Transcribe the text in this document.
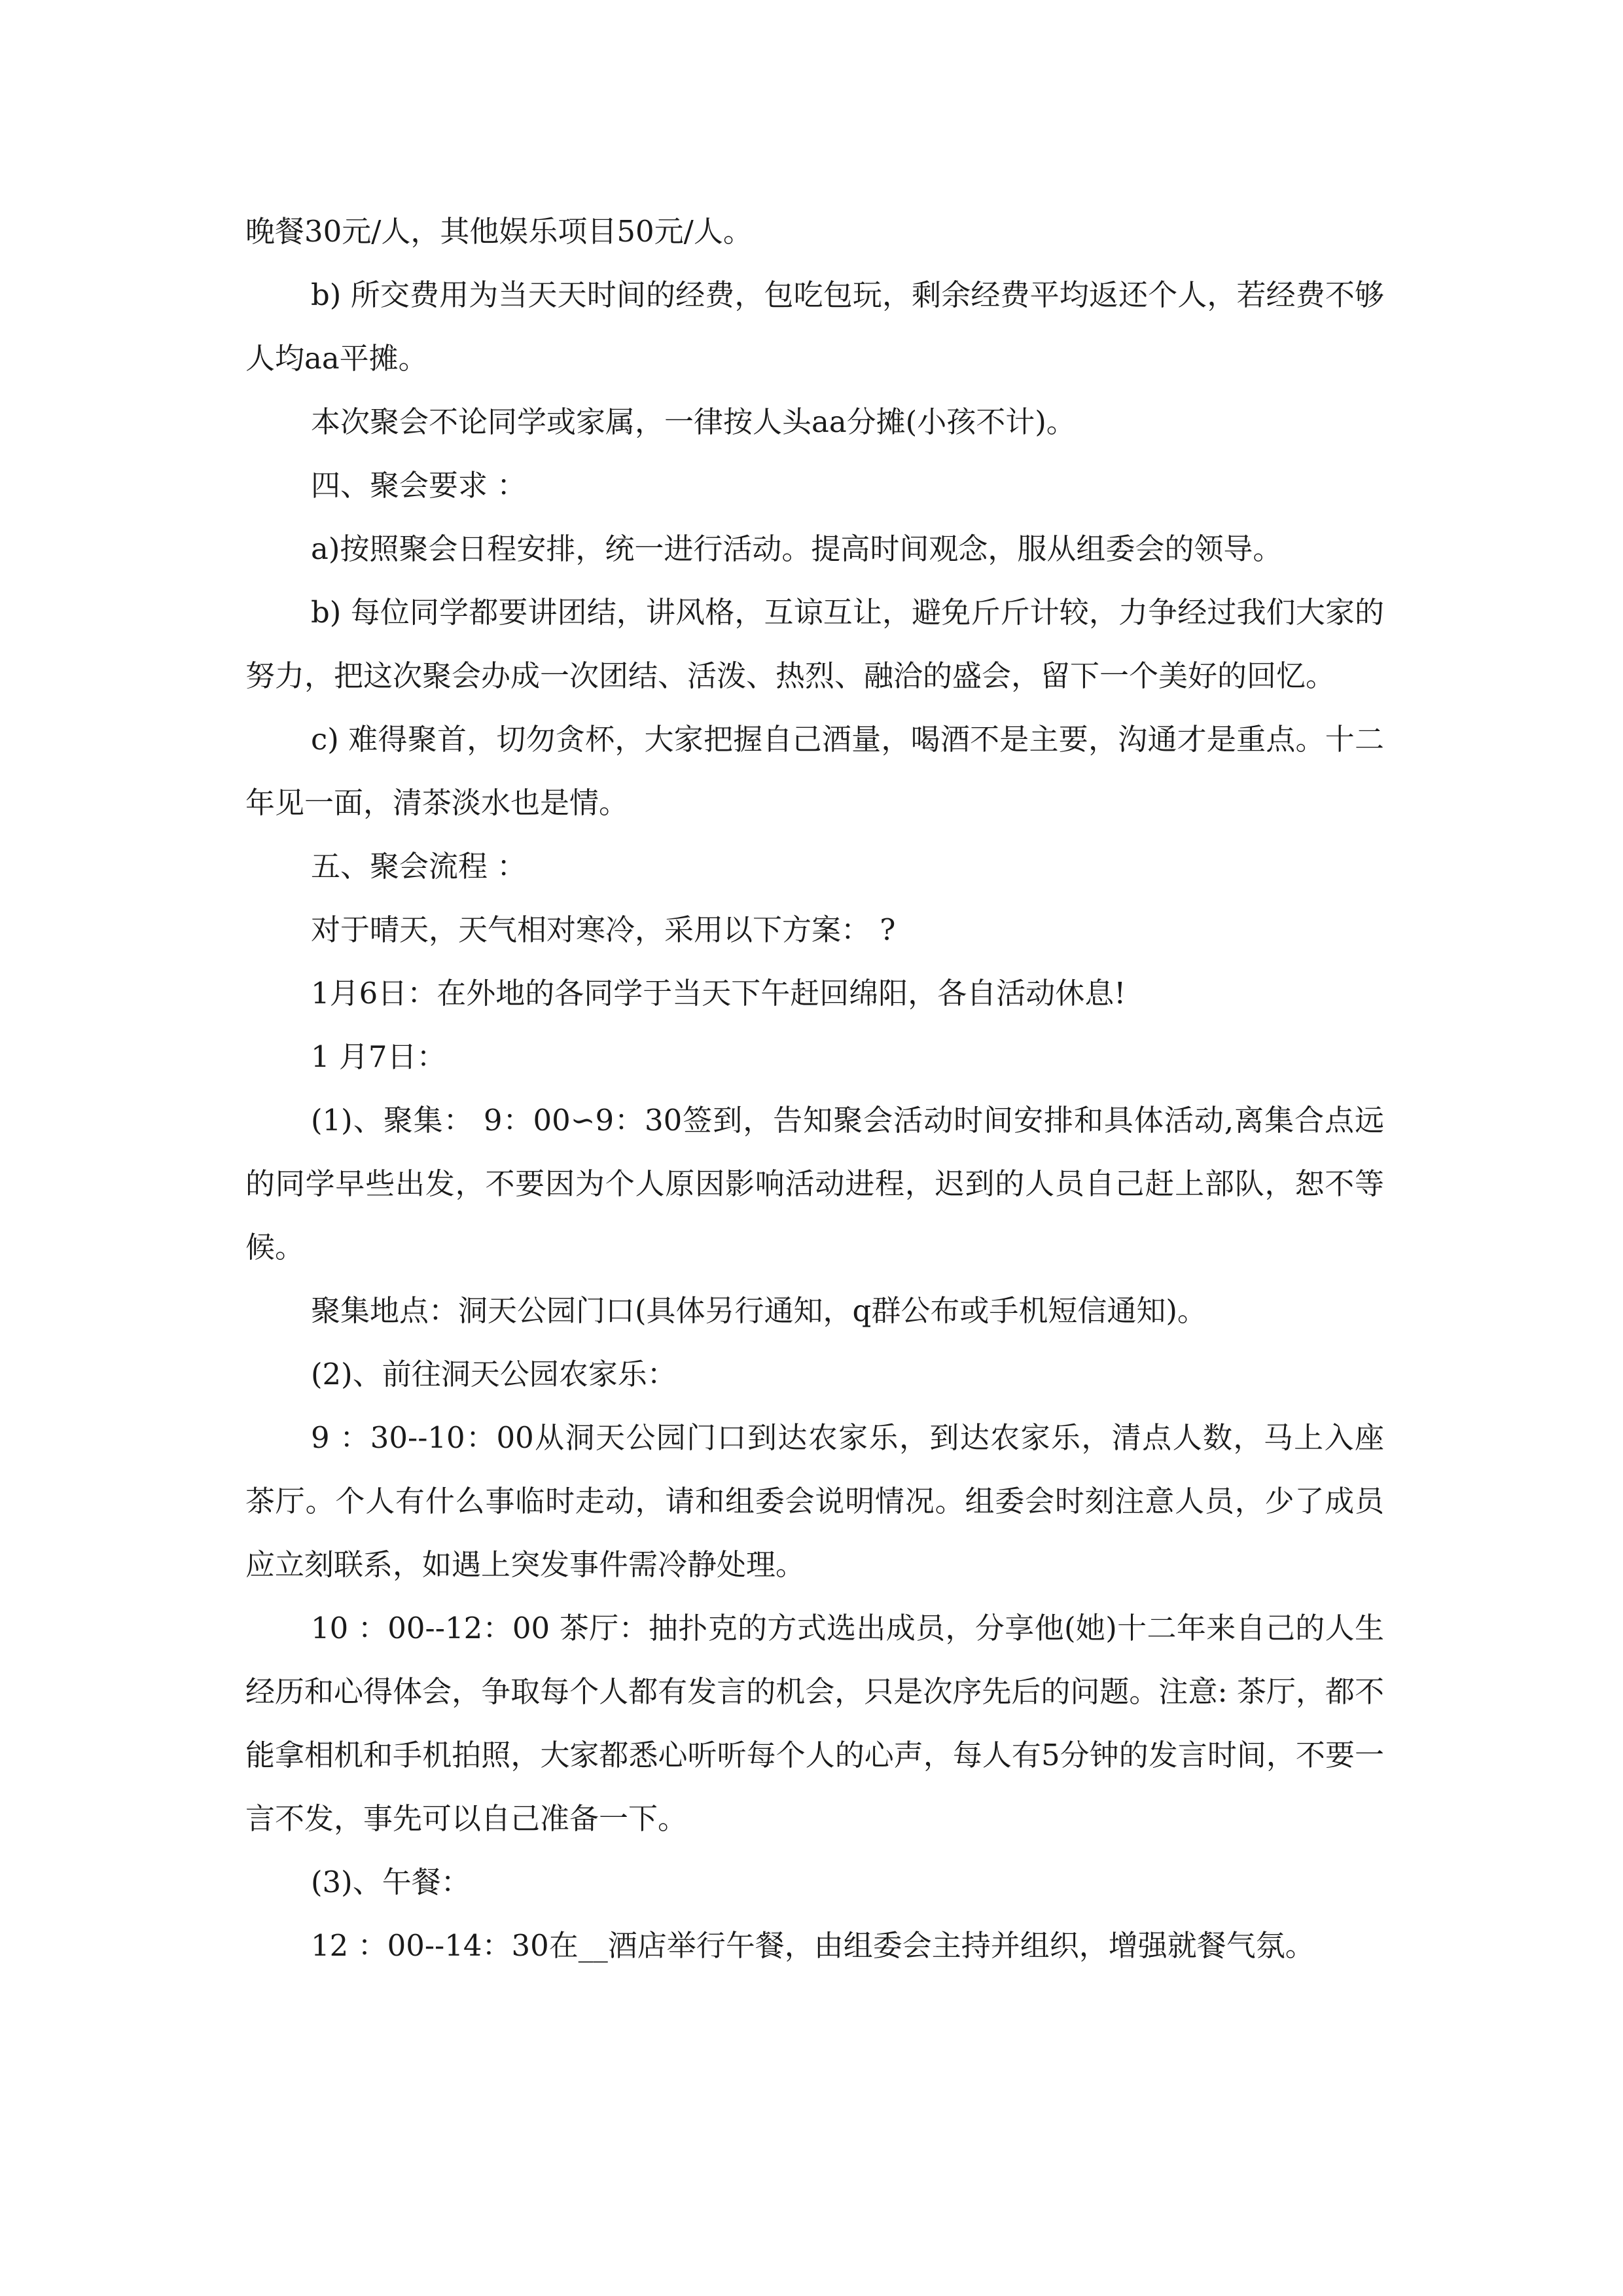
晚餐30元/人，其他娱乐项目50元/人。

b) 所交费用为当天天时间的经费，包吃包玩，剩余经费平均返还个人，若经费不够人均aa平摊。

本次聚会不论同学或家属，一律按人头aa分摊(小孩不计)。

四、聚会要求 ：

a)按照聚会日程安排，统一进行活动。提高时间观念，服从组委会的领导。

b) 每位同学都要讲团结，讲风格，互谅互让，避免斤斤计较，力争经过我们大家的努力，把这次聚会办成一次团结、活泼、热烈、融洽的盛会，留下一个美好的回忆。

c) 难得聚首，切勿贪杯，大家把握自己酒量，喝酒不是主要，沟通才是重点。十二年见一面，清茶淡水也是情。

五、聚会流程 ：

对于晴天，天气相对寒冷，采用以下方案： ?

1月6日：在外地的各同学于当天下午赶回绵阳，各自活动休息!

1 月7日：

(1)、聚集： 9：00∽9：30签到，告知聚会活动时间安排和具体活动,离集合点远的同学早些出发，不要因为个人原因影响活动进程，迟到的人员自己赶上部队，恕不等候。

聚集地点：洞天公园门口(具体另行通知，q群公布或手机短信通知)。

(2)、前往洞天公园农家乐：

9 ：30--10：00从洞天公园门口到达农家乐，到达农家乐，清点人数，马上入座茶厅。个人有什么事临时走动，请和组委会说明情况。组委会时刻注意人员，少了成员应立刻联系，如遇上突发事件需冷静处理。

10 ：00--12：00 茶厅：抽扑克的方式选出成员，分享他(她)十二年来自己的人生经历和心得体会，争取每个人都有发言的机会，只是次序先后的问题。注意: 茶厅，都不能拿相机和手机拍照，大家都悉心听听每个人的心声，每人有5分钟的发言时间，不要一言不发，事先可以自己准备一下。

(3)、午餐：

12 ：00--14：30在__酒店举行午餐，由组委会主持并组织，增强就餐气氛。
